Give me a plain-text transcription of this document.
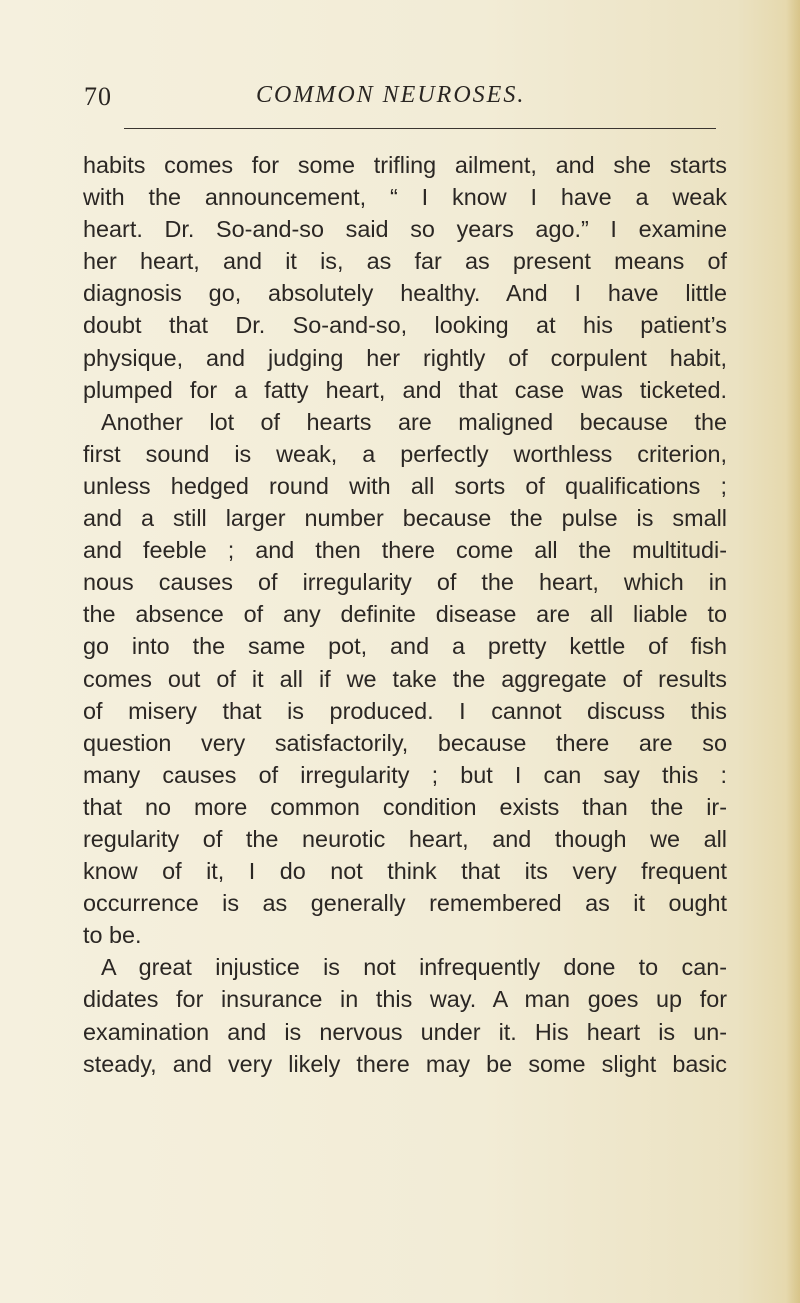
70	COMMON NEUROSES.
habits comes for some trifling ailment, and she starts
with the announcement, “ I know I have a weak
heart. Dr. So-and-so said so years ago.” I examine
her heart, and it is, as far as present means of
diagnosis go, absolutely healthy. And I have little
doubt that Dr. So-and-so, looking at his patient’s
physique, and judging her rightly of corpulent habit,
plumped for a fatty heart, and that case was ticketed.
Another lot of hearts are maligned because the
first sound is weak, a perfectly worthless criterion,
unless hedged round with all sorts of qualifications ;
and a still larger number because the pulse is small
and feeble ; and then there come all the multitudi-
nous causes of irregularity of the heart, which in
the absence of any definite disease are all liable to
go into the same pot, and a pretty kettle of fish
comes out of it all if we take the aggregate of results
of misery that is produced. I cannot discuss this
question very satisfactorily, because there are so
many causes of irregularity ; but I can say this :
that no more common condition exists than the ir-
regularity of the neurotic heart, and though we all
know of it, I do not think that its very frequent
occurrence is as generally remembered as it ought
to be.
A great injustice is not infrequently done to can-
didates for insurance in this way. A man goes up for
examination and is nervous under it. His heart is un-
steady, and very likely there may be some slight basic
